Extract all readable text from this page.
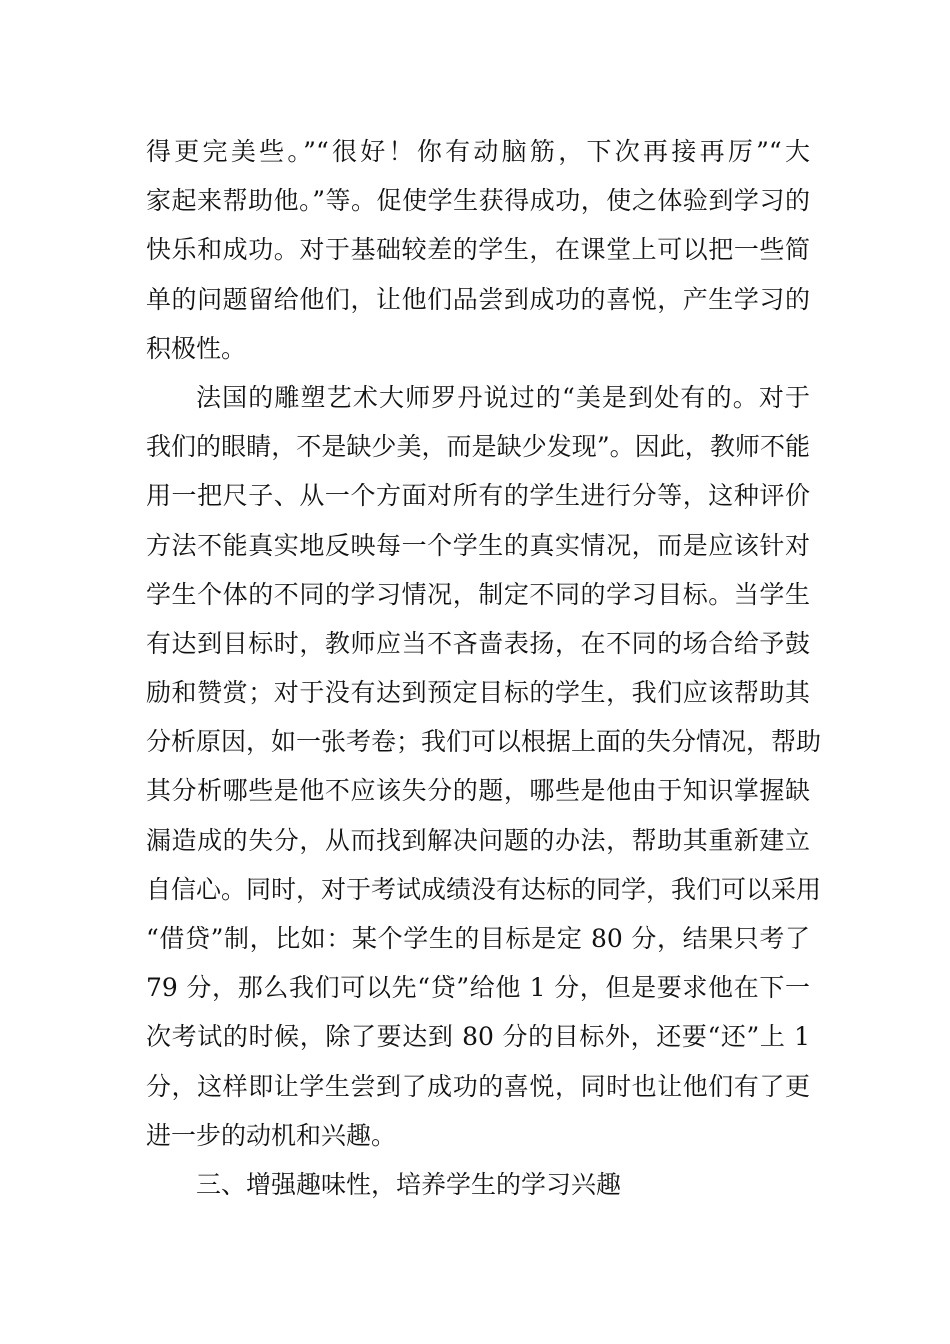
得更完美些。”“很好！你有动脑筋，下次再接再厉”“大
家起来帮助他。”等。促使学生获得成功，使之体验到学习的
快乐和成功。对于基础较差的学生，在课堂上可以把一些简
单的问题留给他们，让他们品尝到成功的喜悦，产生学习的
积极性。
法国的雕塑艺术大师罗丹说过的“美是到处有的。对于
我们的眼睛，不是缺少美，而是缺少发现”。因此，教师不能
用一把尺子、从一个方面对所有的学生进行分等，这种评价
方法不能真实地反映每一个学生的真实情况，而是应该针对
学生个体的不同的学习情况，制定不同的学习目标。当学生
有达到目标时，教师应当不吝啬表扬，在不同的场合给予鼓
励和赞赏；对于没有达到预定目标的学生，我们应该帮助其
分析原因，如一张考卷；我们可以根据上面的失分情况，帮助
其分析哪些是他不应该失分的题，哪些是他由于知识掌握缺
漏造成的失分，从而找到解决问题的办法，帮助其重新建立
自信心。同时，对于考试成绩没有达标的同学，我们可以采用
“借贷”制，比如：某个学生的目标是定 80 分，结果只考了
79 分，那么我们可以先“贷”给他 1 分，但是要求他在下一
次考试的时候，除了要达到 80 分的目标外，还要“还”上 1
分，这样即让学生尝到了成功的喜悦，同时也让他们有了更
进一步的动机和兴趣。
三、增强趣味性，培养学生的学习兴趣
